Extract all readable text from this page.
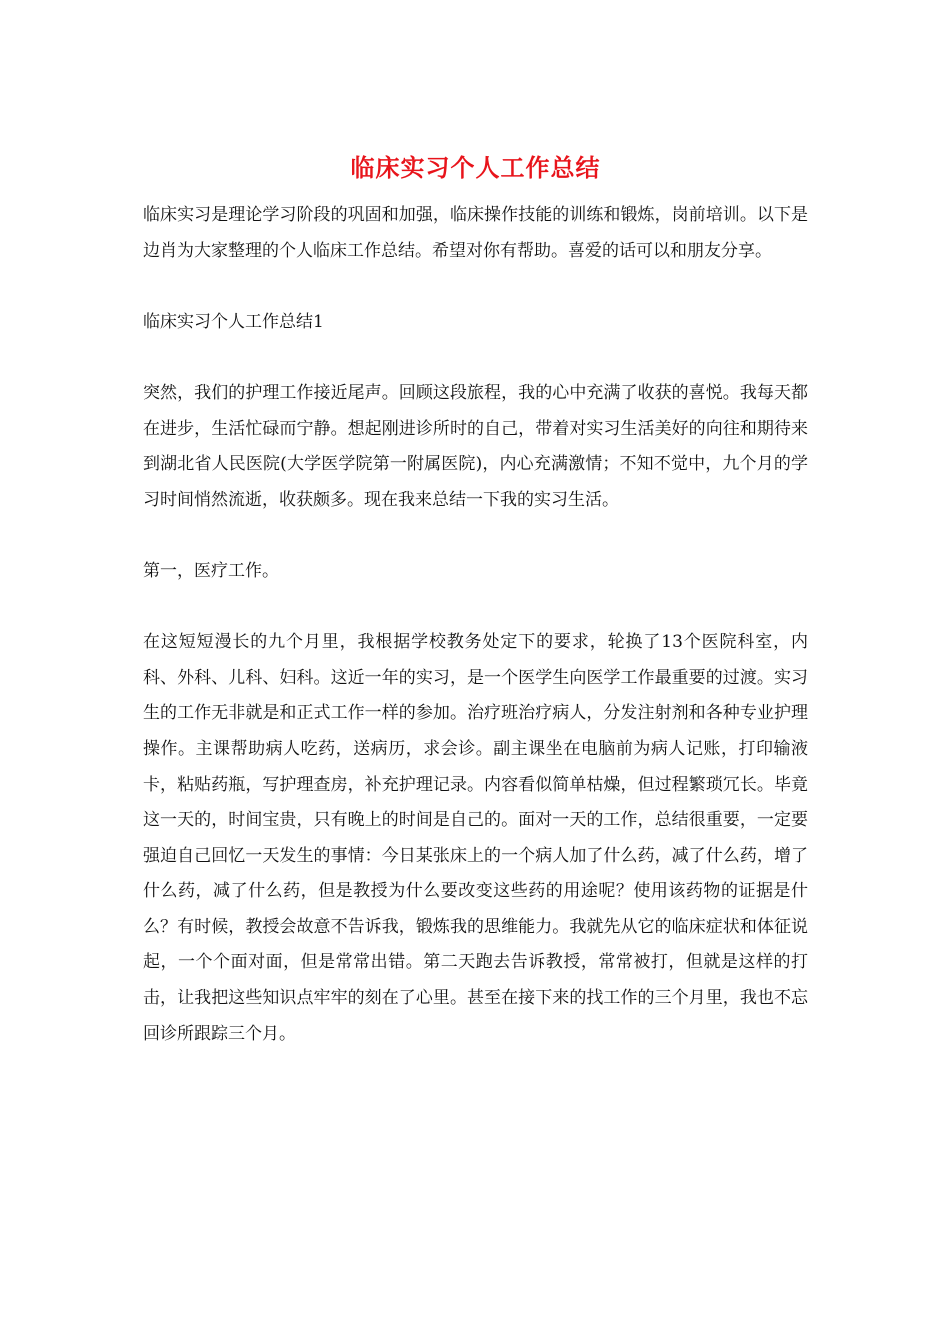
临床实习个人工作总结

临床实习是理论学习阶段的巩固和加强，临床操作技能的训练和锻炼，岗前培训。以下是边肖为大家整理的个人临床工作总结。希望对你有帮助。喜爱的话可以和朋友分享。

临床实习个人工作总结1

突然，我们的护理工作接近尾声。回顾这段旅程，我的心中充满了收获的喜悦。我每天都在进步，生活忙碌而宁静。想起刚进诊所时的自己，带着对实习生活美好的向往和期待来到湖北省人民医院(大学医学院第一附属医院)，内心充满激情；不知不觉中，九个月的学习时间悄然流逝，收获颇多。现在我来总结一下我的实习生活。

第一，医疗工作。

在这短短漫长的九个月里，我根据学校教务处定下的要求，轮换了13个医院科室，内科、外科、儿科、妇科。这近一年的实习，是一个医学生向医学工作最重要的过渡。实习生的工作无非就是和正式工作一样的参加。治疗班治疗病人，分发注射剂和各种专业护理操作。主课帮助病人吃药，送病历，求会诊。副主课坐在电脑前为病人记账，打印输液卡，粘贴药瓶，写护理查房，补充护理记录。内容看似简单枯燥，但过程繁琐冗长。毕竟这一天的，时间宝贵，只有晚上的时间是自己的。面对一天的工作，总结很重要，一定要强迫自己回忆一天发生的事情：今日某张床上的一个病人加了什么药，减了什么药，增了什么药，减了什么药，但是教授为什么要改变这些药的用途呢？使用该药物的证据是什么？有时候，教授会故意不告诉我，锻炼我的思维能力。我就先从它的临床症状和体征说起，一个个面对面，但是常常出错。第二天跑去告诉教授，常常被打，但就是这样的打击，让我把这些知识点牢牢的刻在了心里。甚至在接下来的找工作的三个月里，我也不忘回诊所跟踪三个月。
